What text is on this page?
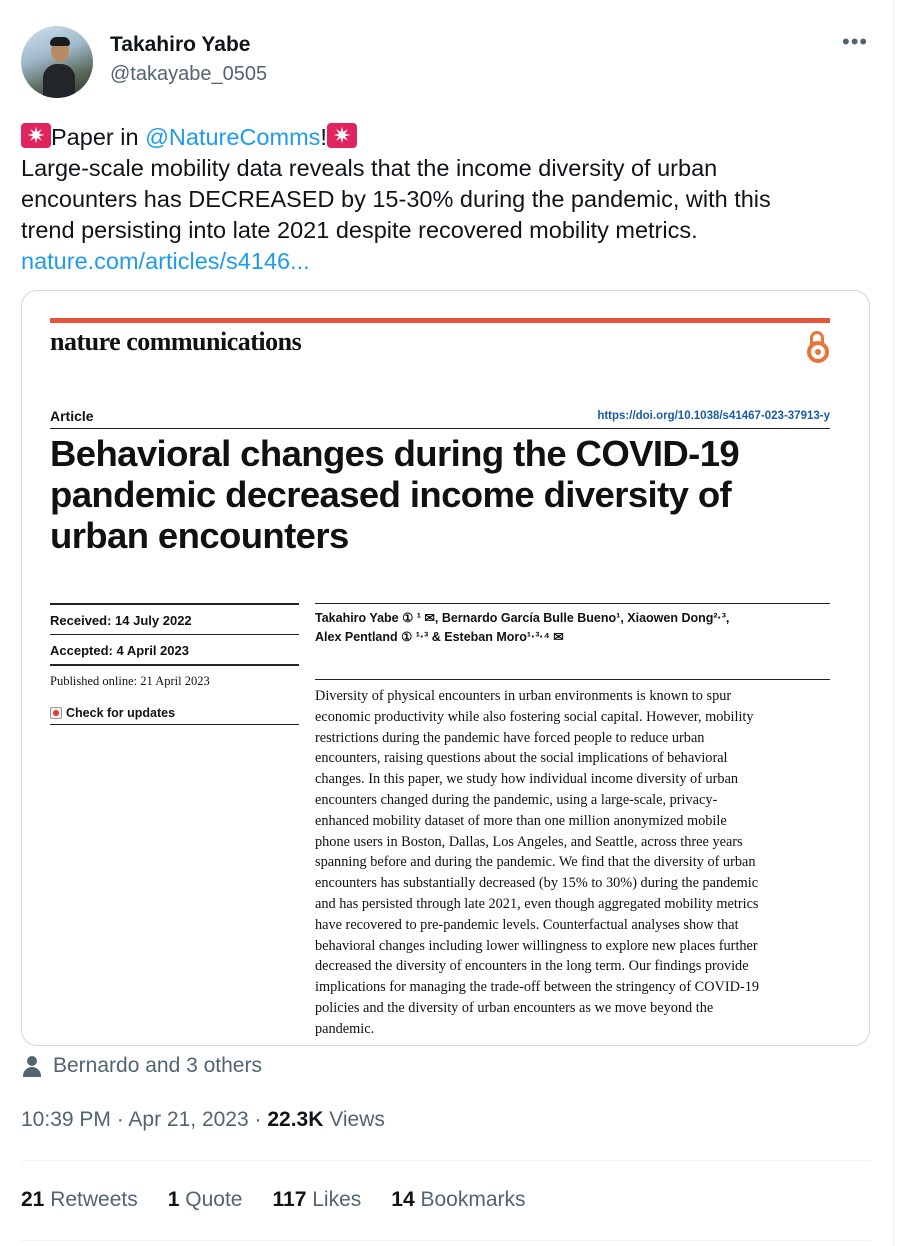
Takahiro Yabe
@takayabe_0505
•••
✷Paper in @NatureComms!✷
Large-scale mobility data reveals that the income diversity of urban
encounters has DECREASED by 15-30% during the pandemic, with this
trend persisting into late 2021 despite recovered mobility metrics.
nature.com/articles/s4146...
nature communications
Article	https://doi.org/10.1038/s41467-023-37913-y
Behavioral changes during the COVID-19
pandemic decreased income diversity of
urban encounters
Received: 14 July 2022
Accepted: 4 April 2023
Published online: 21 April 2023
Check for updates
Takahiro Yabe ① ¹ ✉, Bernardo García Bulle Bueno¹, Xiaowen Dong²·³,
Alex Pentland ① ¹·³ & Esteban Moro¹·³·⁴ ✉
Diversity of physical encounters in urban environments is known to spur
economic productivity while also fostering social capital. However, mobility
restrictions during the pandemic have forced people to reduce urban
encounters, raising questions about the social implications of behavioral
changes. In this paper, we study how individual income diversity of urban
encounters changed during the pandemic, using a large-scale, privacy-
enhanced mobility dataset of more than one million anonymized mobile
phone users in Boston, Dallas, Los Angeles, and Seattle, across three years
spanning before and during the pandemic. We find that the diversity of urban
encounters has substantially decreased (by 15% to 30%) during the pandemic
and has persisted through late 2021, even though aggregated mobility metrics
have recovered to pre-pandemic levels. Counterfactual analyses show that
behavioral changes including lower willingness to explore new places further
decreased the diversity of encounters in the long term. Our findings provide
implications for managing the trade-off between the stringency of COVID-19
policies and the diversity of urban encounters as we move beyond the
pandemic.
Bernardo and 3 others
10:39 PM · Apr 21, 2023 · 22.3K Views
21 Retweets 1 Quote 117 Likes 14 Bookmarks
